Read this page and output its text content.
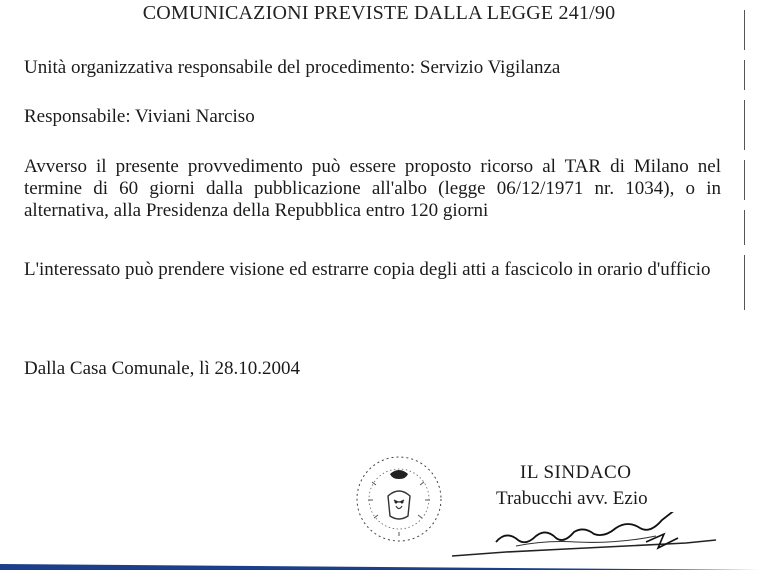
COMUNICAZIONI PREVISTE DALLA LEGGE 241/90
Unità organizzativa responsabile del procedimento: Servizio Vigilanza
Responsabile: Viviani Narciso
Avverso il presente provvedimento può essere proposto ricorso al TAR di Milano nel termine di 60 giorni dalla pubblicazione all'albo (legge 06/12/1971 nr. 1034), o in alternativa, alla Presidenza della Repubblica entro 120 giorni
L'interessato può prendere visione ed estrarre copia degli atti a fascicolo in orario d'ufficio
Dalla Casa Comunale, lì 28.10.2004
IL SINDACO
Trabucchi avv. Ezio
